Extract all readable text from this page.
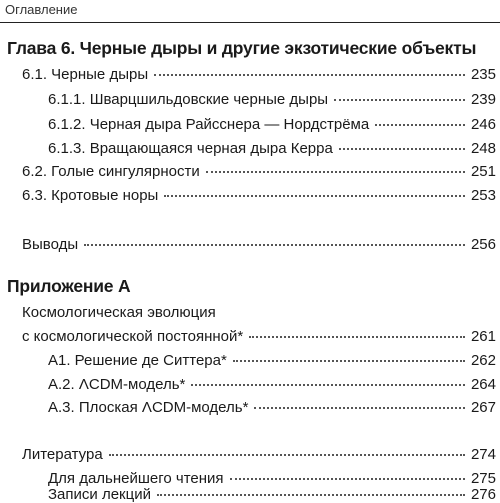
Оглавление
Глава 6. Черные дыры и другие экзотические объекты
6.1. Черные дыры	235
6.1.1. Шварцшильдовские черные дыры	239
6.1.2. Черная дыра Райсснера — Нордстрёма	246
6.1.3. Вращающаяся черная дыра Керра	248
6.2. Голые сингулярности	251
6.3. Кротовые норы	253
Выводы	256
Приложение А
Космологическая эволюция
с космологической постоянной*	261
А1. Решение де Ситтера*	262
А.2. ΛCDM-модель*	264
А.3. Плоская ΛCDM-модель*	267
Литература	274
Для дальнейшего чтения	275
Записи лекций	276
